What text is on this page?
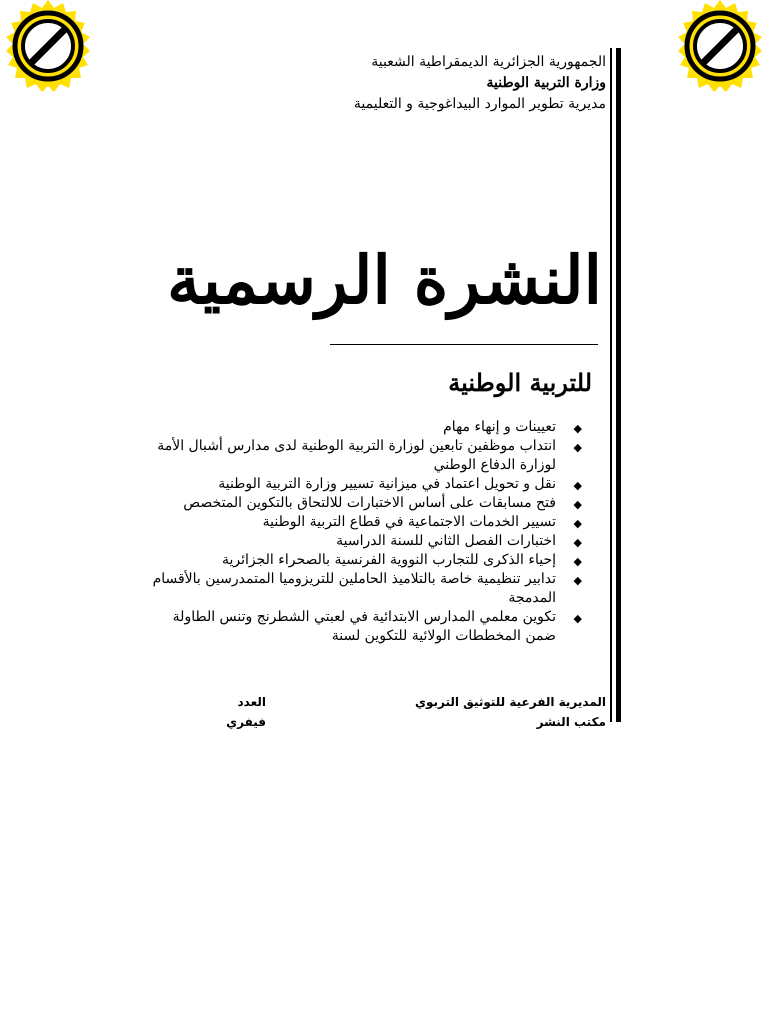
الجمهورية الجزائرية الديمقراطية الشعبية
وزارة التربية الوطنية
مديرية تطوير الموارد البيداغوجية و التعليمية
النشرة الرسمية
للتربية الوطنية
◆
تعيينات و إنهاء مهام
◆
انتداب موظفين تابعين لوزارة التربية الوطنية لدى مدارس أشبال الأمة لوزارة الدفاع الوطني
◆
نقل و تحويل اعتماد في ميزانية تسيير وزارة التربية الوطنية
◆
فتح مسابقات على أساس الاختبارات للالتحاق بالتكوين المتخصص
◆
تسيير الخدمات الاجتماعية في قطاع التربية الوطنية
◆
اختبارات الفصل الثاني للسنة الدراسية
◆
إحياء الذكرى للتجارب النووية الفرنسية بالصحراء الجزائرية
◆
تدابير تنظيمية خاصة بالتلاميذ الحاملين للتريزوميا المتمدرسين بالأقسام المدمجة
◆
تكوين معلمي المدارس الابتدائية في لعبتي الشطرنج وتنس الطاولة ضمن المخططات الولائية للتكوين لسنة
المديرية الفرعية للتوثيق التربوي
مكتب النشر
العدد
فيفري
